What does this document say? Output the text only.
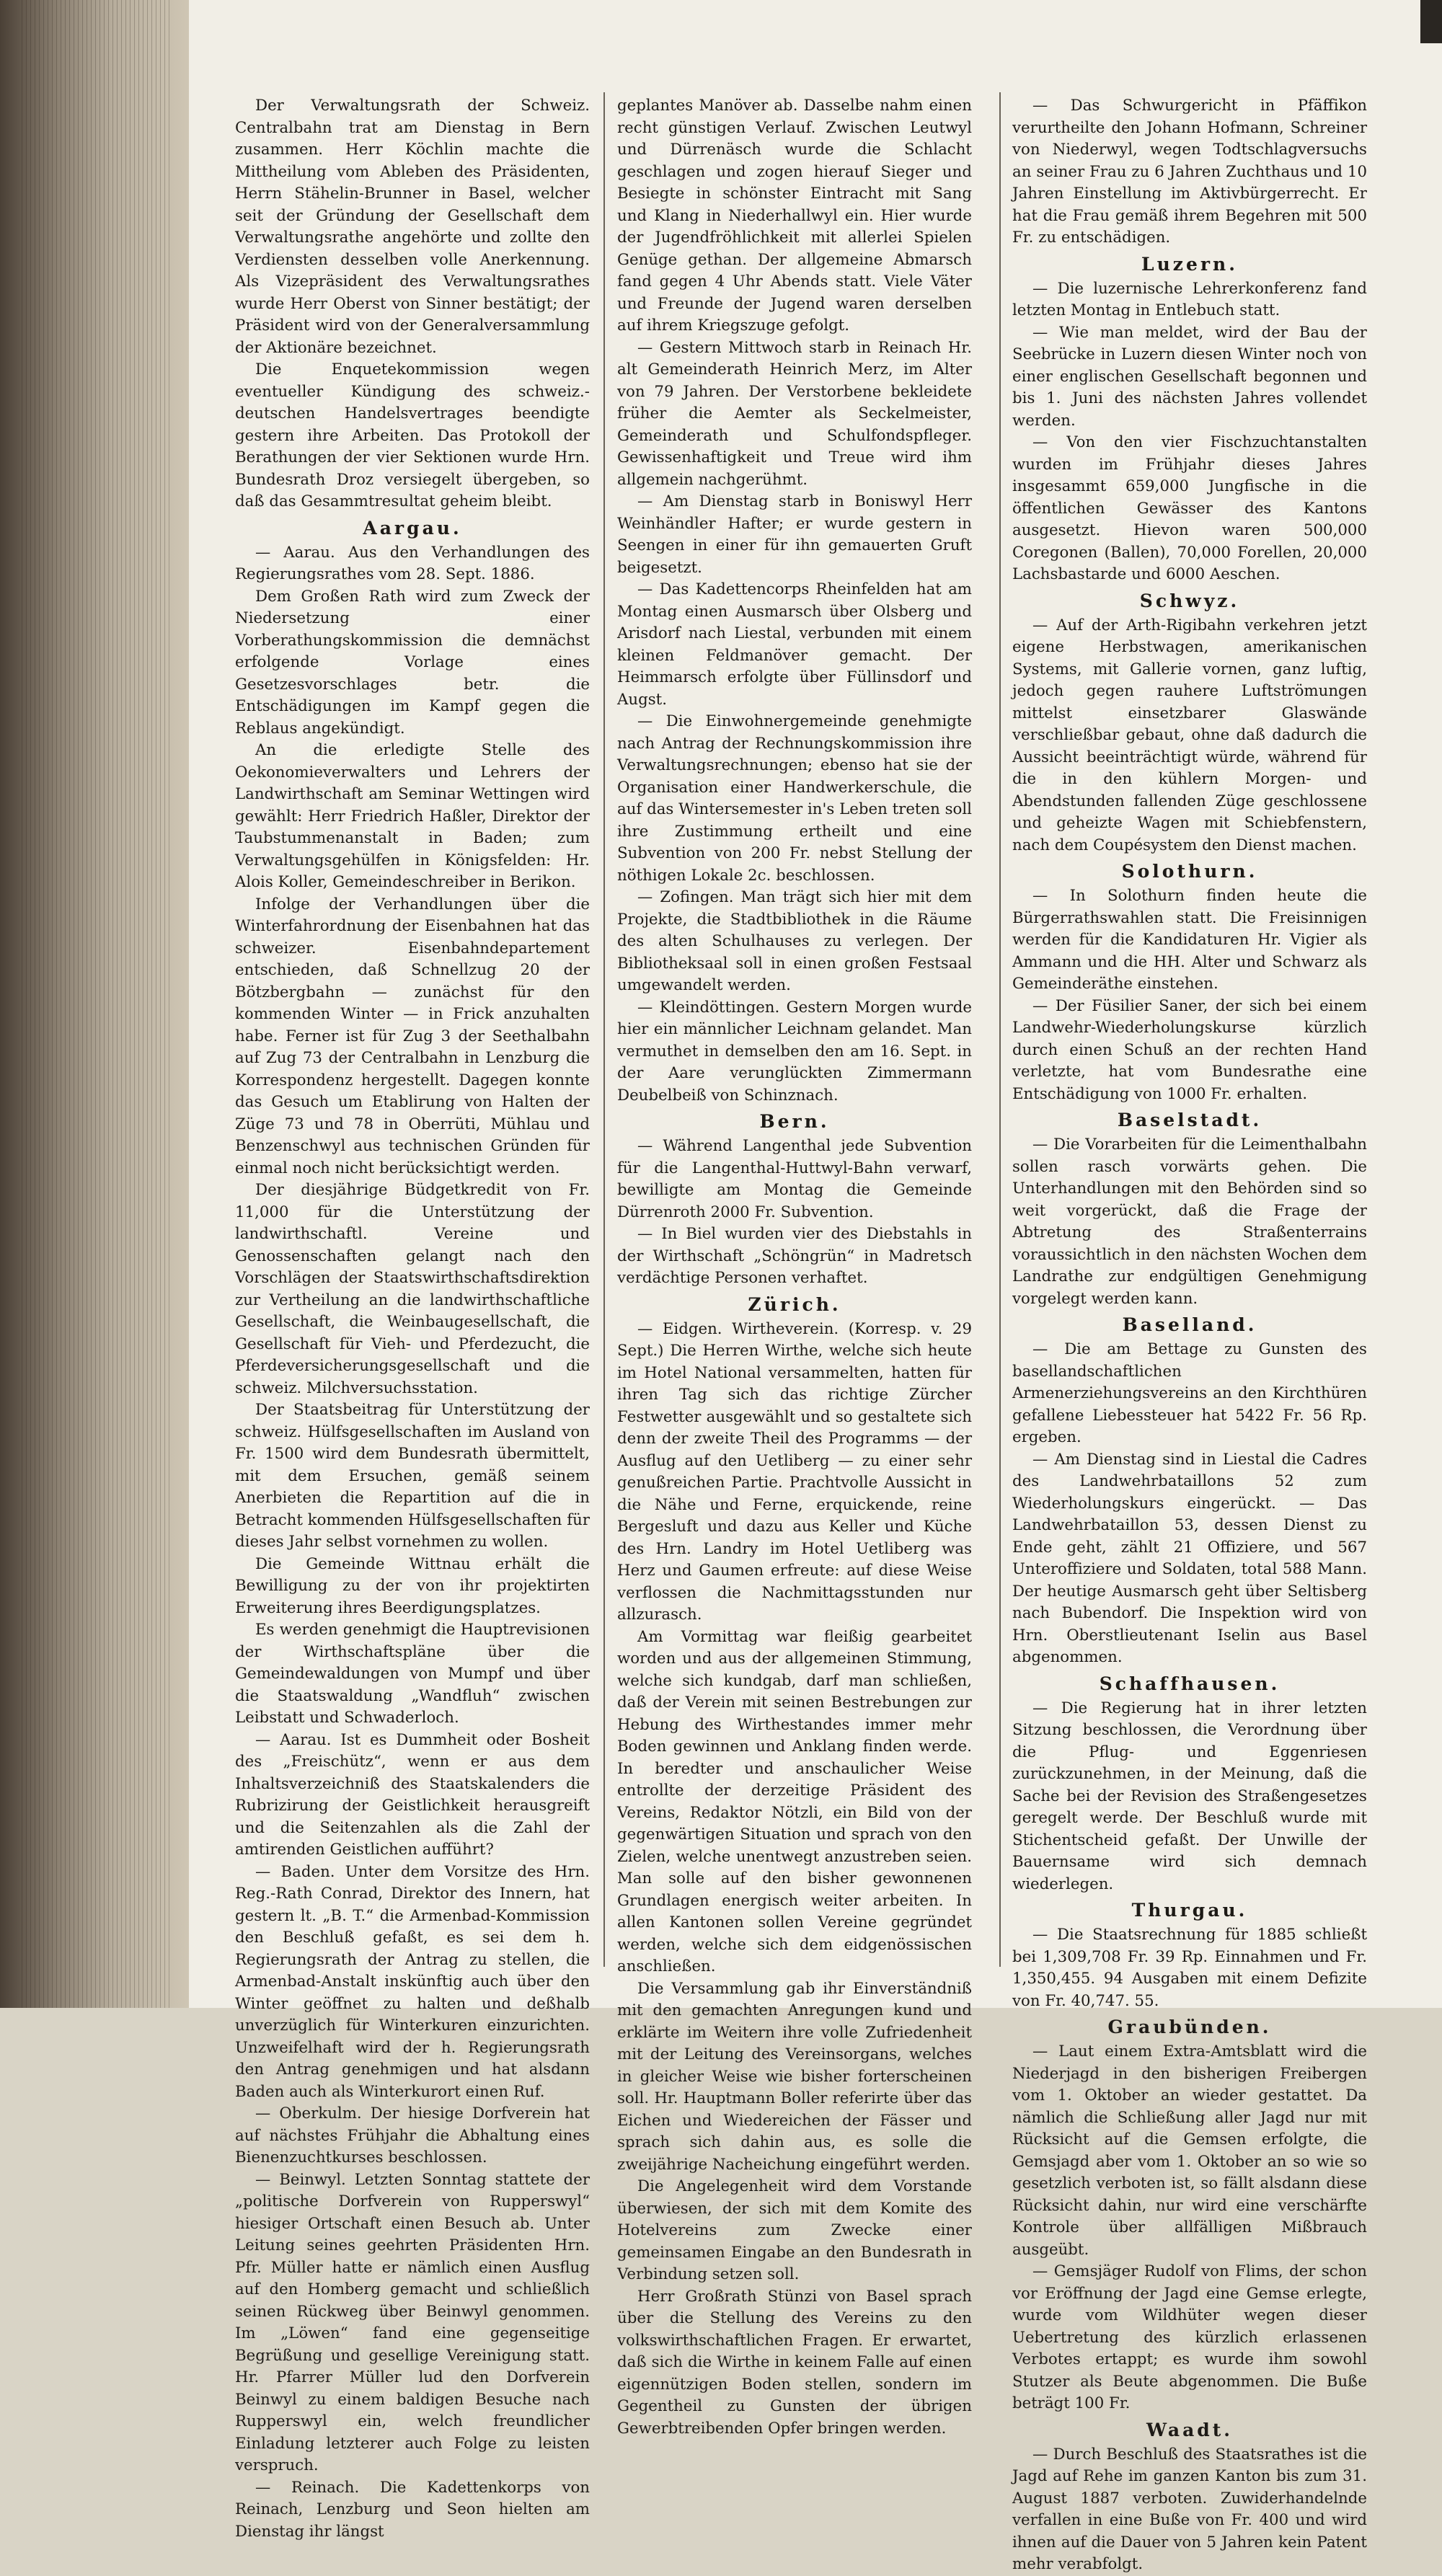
Der Verwaltungsrath der Schweiz. Centralbahn trat am Dienstag in Bern zusammen. Herr Köchlin machte die Mittheilung vom Ableben des Präsidenten, Herrn Stähelin-Brunner in Basel, welcher seit der Gründung der Gesellschaft dem Verwaltungsrathe angehörte und zollte den Verdiensten desselben volle Anerkennung. Als Vizepräsident des Verwaltungsrathes wurde Herr Oberst von Sinner bestätigt; der Präsident wird von der Generalversammlung der Aktionäre bezeichnet.

Die Enquetekommission wegen eventueller Kündigung des schweiz.-deutschen Handelsvertrages beendigte gestern ihre Arbeiten. Das Protokoll der Berathungen der vier Sektionen wurde Hrn. Bundesrath Droz versiegelt übergeben, so daß das Gesammtresultat geheim bleibt.

Aargau.

— Aarau. Aus den Verhandlungen des Regierungsrathes vom 28. Sept. 1886.

Dem Großen Rath wird zum Zweck der Niedersetzung einer Vorberathungskommission die demnächst erfolgende Vorlage eines Gesetzesvorschlages betr. die Entschädigungen im Kampf gegen die Reblaus angekündigt.

An die erledigte Stelle des Oekonomieverwalters und Lehrers der Landwirthschaft am Seminar Wettingen wird gewählt: Herr Friedrich Haßler, Direktor der Taubstummenanstalt in Baden; zum Verwaltungsgehülfen in Königsfelden: Hr. Alois Koller, Gemeindeschreiber in Berikon.

Infolge der Verhandlungen über die Winterfahrordnung der Eisenbahnen hat das schweizer. Eisenbahndepartement entschieden, daß Schnellzug 20 der Bötzbergbahn — zunächst für den kommenden Winter — in Frick anzuhalten habe. Ferner ist für Zug 3 der Seethalbahn auf Zug 73 der Centralbahn in Lenzburg die Korrespondenz hergestellt. Dagegen konnte das Gesuch um Etablirung von Halten der Züge 73 und 78 in Oberrüti, Mühlau und Benzenschwyl aus technischen Gründen für einmal noch nicht berücksichtigt werden.

Der diesjährige Büdgetkredit von Fr. 11,000 für die Unterstützung der landwirthschaftl. Vereine und Genossenschaften gelangt nach den Vorschlägen der Staatswirthschaftsdirektion zur Vertheilung an die landwirthschaftliche Gesellschaft, die Weinbaugesellschaft, die Gesellschaft für Vieh- und Pferdezucht, die Pferdeversicherungsgesellschaft und die schweiz. Milchversuchsstation.

Der Staatsbeitrag für Unterstützung der schweiz. Hülfsgesellschaften im Ausland von Fr. 1500 wird dem Bundesrath übermittelt, mit dem Ersuchen, gemäß seinem Anerbieten die Repartition auf die in Betracht kommenden Hülfsgesellschaften für dieses Jahr selbst vornehmen zu wollen.

Die Gemeinde Wittnau erhält die Bewilligung zu der von ihr projektirten Erweiterung ihres Beerdigungsplatzes.

Es werden genehmigt die Hauptrevisionen der Wirthschaftspläne über die Gemeindewaldungen von Mumpf und über die Staatswaldung „Wandfluh“ zwischen Leibstatt und Schwaderloch.

— Aarau. Ist es Dummheit oder Bosheit des „Freischütz“, wenn er aus dem Inhaltsverzeichniß des Staatskalenders die Rubrizirung der Geistlichkeit herausgreift und die Seitenzahlen als die Zahl der amtirenden Geistlichen aufführt?

— Baden. Unter dem Vorsitze des Hrn. Reg.-Rath Conrad, Direktor des Innern, hat gestern lt. „B. T.“ die Armenbad-Kommission den Beschluß gefaßt, es sei dem h. Regierungsrath der Antrag zu stellen, die Armenbad-Anstalt inskünftig auch über den Winter geöffnet zu halten und deßhalb unverzüglich für Winterkuren einzurichten. Unzweifelhaft wird der h. Regierungsrath den Antrag genehmigen und hat alsdann Baden auch als Winterkurort einen Ruf.

— Oberkulm. Der hiesige Dorfverein hat auf nächstes Frühjahr die Abhaltung eines Bienenzuchtkurses beschlossen.

— Beinwyl. Letzten Sonntag stattete der „politische Dorfverein von Rupperswyl“ hiesiger Ortschaft einen Besuch ab. Unter Leitung seines geehrten Präsidenten Hrn. Pfr. Müller hatte er nämlich einen Ausflug auf den Homberg gemacht und schließlich seinen Rückweg über Beinwyl genommen. Im „Löwen“ fand eine gegenseitige Begrüßung und gesellige Vereinigung statt. Hr. Pfarrer Müller lud den Dorfverein Beinwyl zu einem baldigen Besuche nach Rupperswyl ein, welch freundlicher Einladung letzterer auch Folge zu leisten verspruch.

— Reinach. Die Kadettenkorps von Reinach, Lenzburg und Seon hielten am Dienstag ihr längst

geplantes Manöver ab. Dasselbe nahm einen recht günstigen Verlauf. Zwischen Leutwyl und Dürrenäsch wurde die Schlacht geschlagen und zogen hierauf Sieger und Besiegte in schönster Eintracht mit Sang und Klang in Niederhallwyl ein. Hier wurde der Jugendfröhlichkeit mit allerlei Spielen Genüge gethan. Der allgemeine Abmarsch fand gegen 4 Uhr Abends statt. Viele Väter und Freunde der Jugend waren derselben auf ihrem Kriegszuge gefolgt.

— Gestern Mittwoch starb in Reinach Hr. alt Gemeinderath Heinrich Merz, im Alter von 79 Jahren. Der Verstorbene bekleidete früher die Aemter als Seckelmeister, Gemeinderath und Schulfondspfleger. Gewissenhaftigkeit und Treue wird ihm allgemein nachgerühmt.

— Am Dienstag starb in Boniswyl Herr Weinhändler Hafter; er wurde gestern in Seengen in einer für ihn gemauerten Gruft beigesetzt.

— Das Kadettencorps Rheinfelden hat am Montag einen Ausmarsch über Olsberg und Arisdorf nach Liestal, verbunden mit einem kleinen Feldmanöver gemacht. Der Heimmarsch erfolgte über Füllinsdorf und Augst.

— Die Einwohnergemeinde genehmigte nach Antrag der Rechnungskommission ihre Verwaltungsrechnungen; ebenso hat sie der Organisation einer Handwerkerschule, die auf das Wintersemester in's Leben treten soll ihre Zustimmung ertheilt und eine Subvention von 200 Fr. nebst Stellung der nöthigen Lokale 2c. beschlossen.

— Zofingen. Man trägt sich hier mit dem Projekte, die Stadtbibliothek in die Räume des alten Schulhauses zu verlegen. Der Bibliotheksaal soll in einen großen Festsaal umgewandelt werden.

— Kleindöttingen. Gestern Morgen wurde hier ein männlicher Leichnam gelandet. Man vermuthet in demselben den am 16. Sept. in der Aare verunglückten Zimmermann Deubelbeiß von Schinznach.

Bern.

— Während Langenthal jede Subvention für die Langenthal-Huttwyl-Bahn verwarf, bewilligte am Montag die Gemeinde Dürrenroth 2000 Fr. Subvention.

— In Biel wurden vier des Diebstahls in der Wirthschaft „Schöngrün“ in Madretsch verdächtige Personen verhaftet.

Zürich.

— Eidgen. Wirtheverein. (Korresp. v. 29 Sept.) Die Herren Wirthe, welche sich heute im Hotel National versammelten, hatten für ihren Tag sich das richtige Zürcher Festwetter ausgewählt und so gestaltete sich denn der zweite Theil des Programms — der Ausflug auf den Uetliberg — zu einer sehr genußreichen Partie. Prachtvolle Aussicht in die Nähe und Ferne, erquickende, reine Bergesluft und dazu aus Keller und Küche des Hrn. Landry im Hotel Uetliberg was Herz und Gaumen erfreute: auf diese Weise verflossen die Nachmittagsstunden nur allzurasch.

Am Vormittag war fleißig gearbeitet worden und aus der allgemeinen Stimmung, welche sich kundgab, darf man schließen, daß der Verein mit seinen Bestrebungen zur Hebung des Wirthestandes immer mehr Boden gewinnen und Anklang finden werde. In beredter und anschaulicher Weise entrollte der derzeitige Präsident des Vereins, Redaktor Nötzli, ein Bild von der gegenwärtigen Situation und sprach von den Zielen, welche unentwegt anzustreben seien. Man solle auf den bisher gewonnenen Grundlagen energisch weiter arbeiten. In allen Kantonen sollen Vereine gegründet werden, welche sich dem eidgenössischen anschließen.

Die Versammlung gab ihr Einverständniß mit den gemachten Anregungen kund und erklärte im Weitern ihre volle Zufriedenheit mit der Leitung des Vereinsorgans, welches in gleicher Weise wie bisher forterscheinen soll. Hr. Hauptmann Boller referirte über das Eichen und Wiedereichen der Fässer und sprach sich dahin aus, es solle die zweijährige Nacheichung eingeführt werden.

Die Angelegenheit wird dem Vorstande überwiesen, der sich mit dem Komite des Hotelvereins zum Zwecke einer gemeinsamen Eingabe an den Bundesrath in Verbindung setzen soll.

Herr Großrath Stünzi von Basel sprach über die Stellung des Vereins zu den volkswirthschaftlichen Fragen. Er erwartet, daß sich die Wirthe in keinem Falle auf einen eigennützigen Boden stellen, sondern im Gegentheil zu Gunsten der übrigen Gewerbtreibenden Opfer bringen werden.

— Das Schwurgericht in Pfäffikon verurtheilte den Johann Hofmann, Schreiner von Niederwyl, wegen Todtschlagversuchs an seiner Frau zu 6 Jahren Zuchthaus und 10 Jahren Einstellung im Aktivbürgerrecht. Er hat die Frau gemäß ihrem Begehren mit 500 Fr. zu entschädigen.

Luzern.

— Die luzernische Lehrerkonferenz fand letzten Montag in Entlebuch statt.

— Wie man meldet, wird der Bau der Seebrücke in Luzern diesen Winter noch von einer englischen Gesellschaft begonnen und bis 1. Juni des nächsten Jahres vollendet werden.

— Von den vier Fischzuchtanstalten wurden im Frühjahr dieses Jahres insgesammt 659,000 Jungfische in die öffentlichen Gewässer des Kantons ausgesetzt. Hievon waren 500,000 Coregonen (Ballen), 70,000 Forellen, 20,000 Lachsbastarde und 6000 Aeschen.

Schwyz.

— Auf der Arth-Rigibahn verkehren jetzt eigene Herbstwagen, amerikanischen Systems, mit Gallerie vornen, ganz luftig, jedoch gegen rauhere Luftströmungen mittelst einsetzbarer Glaswände verschließbar gebaut, ohne daß dadurch die Aussicht beeinträchtigt würde, während für die in den kühlern Morgen- und Abendstunden fallenden Züge geschlossene und geheizte Wagen mit Schiebfenstern, nach dem Coupésystem den Dienst machen.

Solothurn.

— In Solothurn finden heute die Bürgerrathswahlen statt. Die Freisinnigen werden für die Kandidaturen Hr. Vigier als Ammann und die HH. Alter und Schwarz als Gemeinderäthe einstehen.

— Der Füsilier Saner, der sich bei einem Landwehr-Wiederholungskurse kürzlich durch einen Schuß an der rechten Hand verletzte, hat vom Bundesrathe eine Entschädigung von 1000 Fr. erhalten.

Baselstadt.

— Die Vorarbeiten für die Leimenthalbahn sollen rasch vorwärts gehen. Die Unterhandlungen mit den Behörden sind so weit vorgerückt, daß die Frage der Abtretung des Straßenterrains voraussichtlich in den nächsten Wochen dem Landrathe zur endgültigen Genehmigung vorgelegt werden kann.

Baselland.

— Die am Bettage zu Gunsten des basellandschaftlichen Armenerziehungsvereins an den Kirchthüren gefallene Liebessteuer hat 5422 Fr. 56 Rp. ergeben.

— Am Dienstag sind in Liestal die Cadres des Landwehrbataillons 52 zum Wiederholungskurs eingerückt. — Das Landwehrbataillon 53, dessen Dienst zu Ende geht, zählt 21 Offiziere, und 567 Unteroffiziere und Soldaten, total 588 Mann. Der heutige Ausmarsch geht über Seltisberg nach Bubendorf. Die Inspektion wird von Hrn. Oberstlieutenant Iselin aus Basel abgenommen.

Schaffhausen.

— Die Regierung hat in ihrer letzten Sitzung beschlossen, die Verordnung über die Pflug- und Eggenriesen zurückzunehmen, in der Meinung, daß die Sache bei der Revision des Straßengesetzes geregelt werde. Der Beschluß wurde mit Stichentscheid gefaßt. Der Unwille der Bauernsame wird sich demnach wiederlegen.

Thurgau.

— Die Staatsrechnung für 1885 schließt bei 1,309,708 Fr. 39 Rp. Einnahmen und Fr. 1,350,455. 94 Ausgaben mit einem Defizite von Fr. 40,747. 55.

Graubünden.

— Laut einem Extra-Amtsblatt wird die Niederjagd in den bisherigen Freibergen vom 1. Oktober an wieder gestattet. Da nämlich die Schließung aller Jagd nur mit Rücksicht auf die Gemsen erfolgte, die Gemsjagd aber vom 1. Oktober an so wie so gesetzlich verboten ist, so fällt alsdann diese Rücksicht dahin, nur wird eine verschärfte Kontrole über allfälligen Mißbrauch ausgeübt.

— Gemsjäger Rudolf von Flims, der schon vor Eröffnung der Jagd eine Gemse erlegte, wurde vom Wildhüter wegen dieser Uebertretung des kürzlich erlassenen Verbotes ertappt; es wurde ihm sowohl Stutzer als Beute abgenommen. Die Buße beträgt 100 Fr.

Waadt.

— Durch Beschluß des Staatsrathes ist die Jagd auf Rehe im ganzen Kanton bis zum 31. August 1887 verboten. Zuwiderhandelnde verfallen in eine Buße von Fr. 400 und wird ihnen auf die Dauer von 5 Jahren kein Patent mehr verabfolgt.
